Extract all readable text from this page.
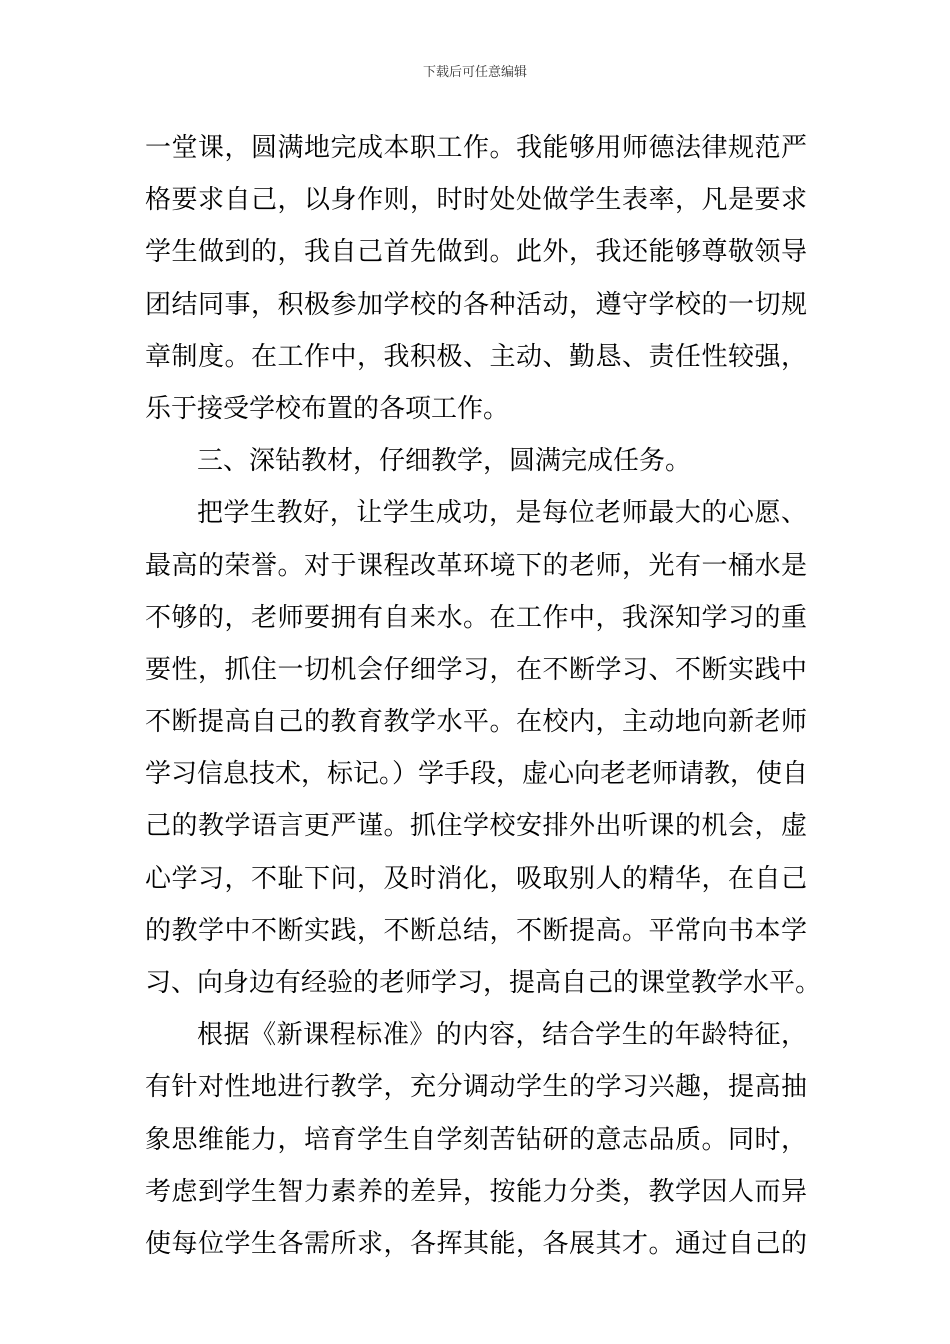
下载后可任意编辑
一堂课，圆满地完成本职工作。我能够用师德法律规范严
格要求自己，以身作则，时时处处做学生表率，凡是要求
学生做到的，我自己首先做到。此外，我还能够尊敬领导
团结同事，积极参加学校的各种活动，遵守学校的一切规
章制度。在工作中，我积极、主动、勤恳、责任性较强，
乐于接受学校布置的各项工作。
三、深钻教材，仔细教学，圆满完成任务。
把学生教好，让学生成功，是每位老师最大的心愿、
最高的荣誉。对于课程改革环境下的老师，光有一桶水是
不够的，老师要拥有自来水。在工作中，我深知学习的重
要性，抓住一切机会仔细学习，在不断学习、不断实践中
不断提高自己的教育教学水平。在校内，主动地向新老师
学习信息技术，标记。）学手段，虚心向老老师请教，使自
己的教学语言更严谨。抓住学校安排外出听课的机会，虚
心学习，不耻下问，及时消化，吸取别人的精华，在自己
的教学中不断实践，不断总结，不断提高。平常向书本学
习、向身边有经验的老师学习，提高自己的课堂教学水平。
根据《新课程标准》的内容，结合学生的年龄特征，
有针对性地进行教学，充分调动学生的学习兴趣，提高抽
象思维能力，培育学生自学刻苦钻研的意志品质。同时，
考虑到学生智力素养的差异，按能力分类，教学因人而异
使每位学生各需所求，各挥其能，各展其才。通过自己的
